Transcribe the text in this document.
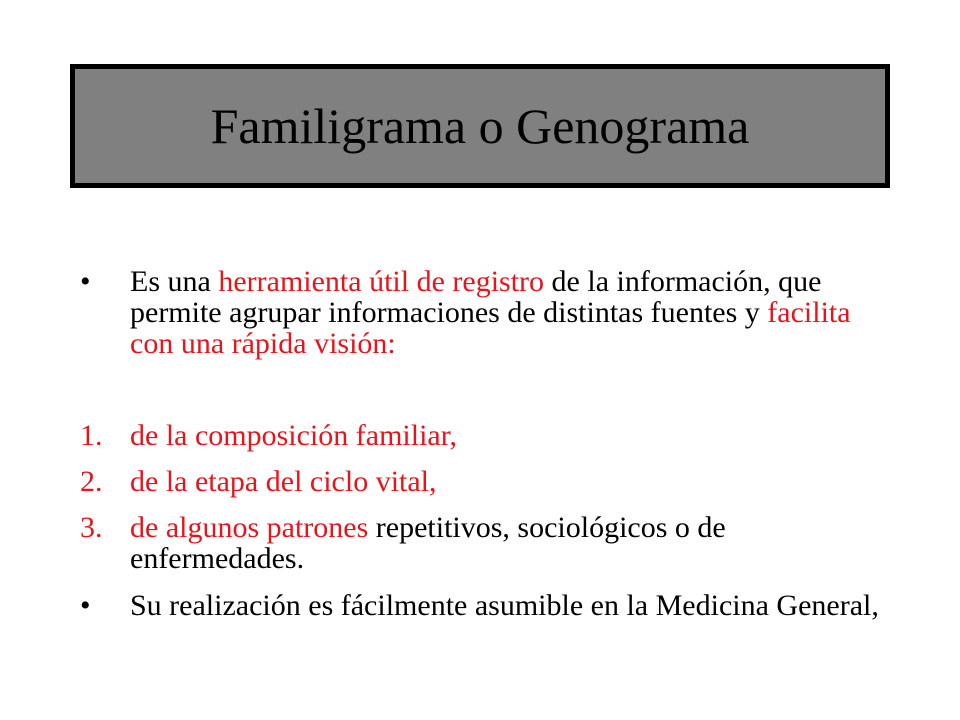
Familigrama o Genograma
• Es una herramienta útil de registro de la información, que permite agrupar informaciones de distintas fuentes y facilita con una rápida visión:
1. de la composición familiar,
2. de la etapa del ciclo vital,
3. de algunos patrones repetitivos, sociológicos o de enfermedades.
• Su realización es fácilmente asumible en la Medicina General,
